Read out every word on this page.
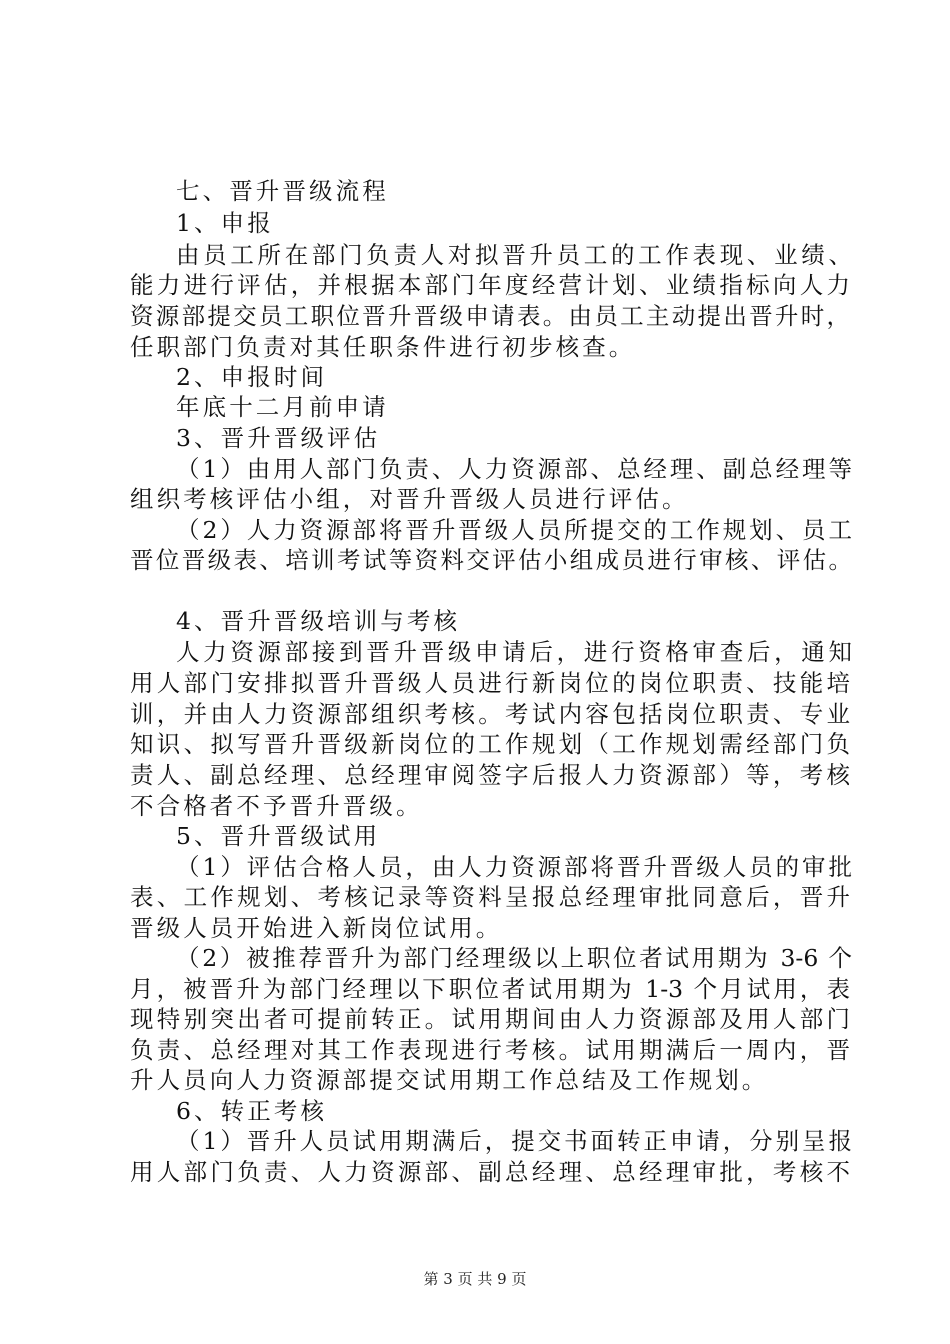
七、晋升晋级流程
1、申报
由员工所在部门负责人对拟晋升员工的工作表现、业绩、
能力进行评估，并根据本部门年度经营计划、业绩指标向人力
资源部提交员工职位晋升晋级申请表。由员工主动提出晋升时，
任职部门负责对其任职条件进行初步核查。
2、申报时间
年底十二月前申请
3、晋升晋级评估
（1）由用人部门负责、人力资源部、总经理、副总经理等
组织考核评估小组，对晋升晋级人员进行评估。
（2）人力资源部将晋升晋级人员所提交的工作规划、员工
晋位晋级表、培训考试等资料交评估小组成员进行审核、评估。
4、晋升晋级培训与考核
人力资源部接到晋升晋级申请后，进行资格审查后，通知
用人部门安排拟晋升晋级人员进行新岗位的岗位职责、技能培
训，并由人力资源部组织考核。考试内容包括岗位职责、专业
知识、拟写晋升晋级新岗位的工作规划（工作规划需经部门负
责人、副总经理、总经理审阅签字后报人力资源部）等，考核
不合格者不予晋升晋级。
5、晋升晋级试用
（1）评估合格人员，由人力资源部将晋升晋级人员的审批
表、工作规划、考核记录等资料呈报总经理审批同意后，晋升
晋级人员开始进入新岗位试用。
（2）被推荐晋升为部门经理级以上职位者试用期为 3-6 个
月，被晋升为部门经理以下职位者试用期为 1-3 个月试用，表
现特别突出者可提前转正。试用期间由人力资源部及用人部门
负责、总经理对其工作表现进行考核。试用期满后一周内，晋
升人员向人力资源部提交试用期工作总结及工作规划。
6、转正考核
（1）晋升人员试用期满后，提交书面转正申请，分别呈报
用人部门负责、人力资源部、副总经理、总经理审批，考核不
第 3 页 共 9 页
